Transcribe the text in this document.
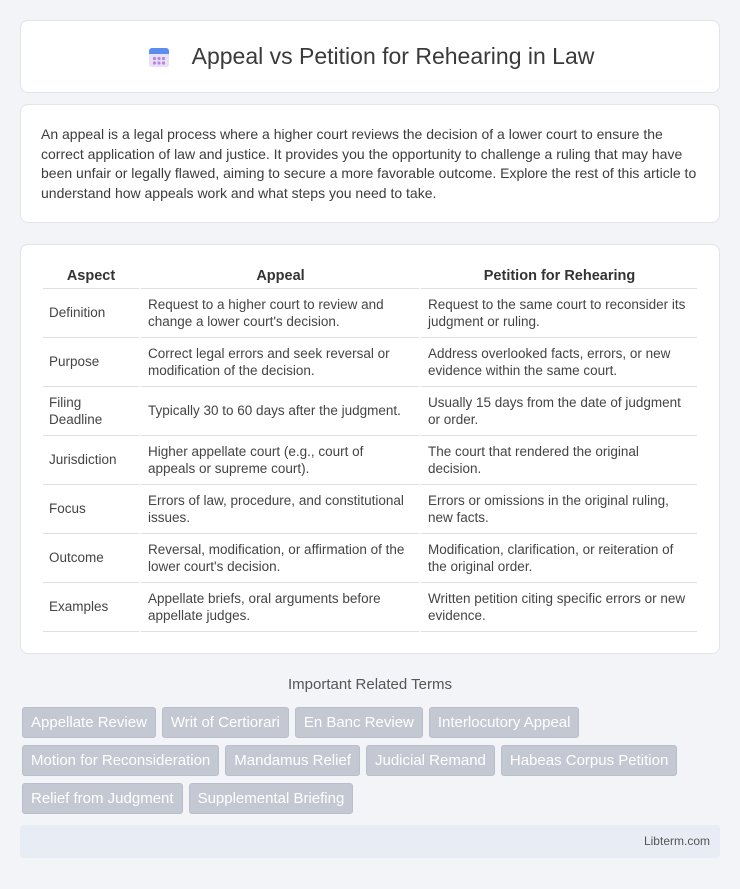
Appeal vs Petition for Rehearing in Law

An appeal is a legal process where a higher court reviews the decision of a lower court to ensure the correct application of law and justice. It provides you the opportunity to challenge a ruling that may have been unfair or legally flawed, aiming to secure a more favorable outcome. Explore the rest of this article to understand how appeals work and what steps you need to take.

Aspect	Appeal	Petition for Rehearing
Definition	Request to a higher court to review and change a lower court's decision.	Request to the same court to reconsider its judgment or ruling.
Purpose	Correct legal errors and seek reversal or modification of the decision.	Address overlooked facts, errors, or new evidence within the same court.
Filing Deadline	Typically 30 to 60 days after the judgment.	Usually 15 days from the date of judgment or order.
Jurisdiction	Higher appellate court (e.g., court of appeals or supreme court).	The court that rendered the original decision.
Focus	Errors of law, procedure, and constitutional issues.	Errors or omissions in the original ruling, new facts.
Outcome	Reversal, modification, or affirmation of the lower court's decision.	Modification, clarification, or reiteration of the original order.
Examples	Appellate briefs, oral arguments before appellate judges.	Written petition citing specific errors or new evidence.
Important Related Terms
Appellate Review	Writ of Certiorari	En Banc Review	Interlocutory Appeal
Motion for Reconsideration	Mandamus Relief	Judicial Remand	Habeas Corpus Petition
Relief from Judgment	Supplemental Briefing
Libterm.com
